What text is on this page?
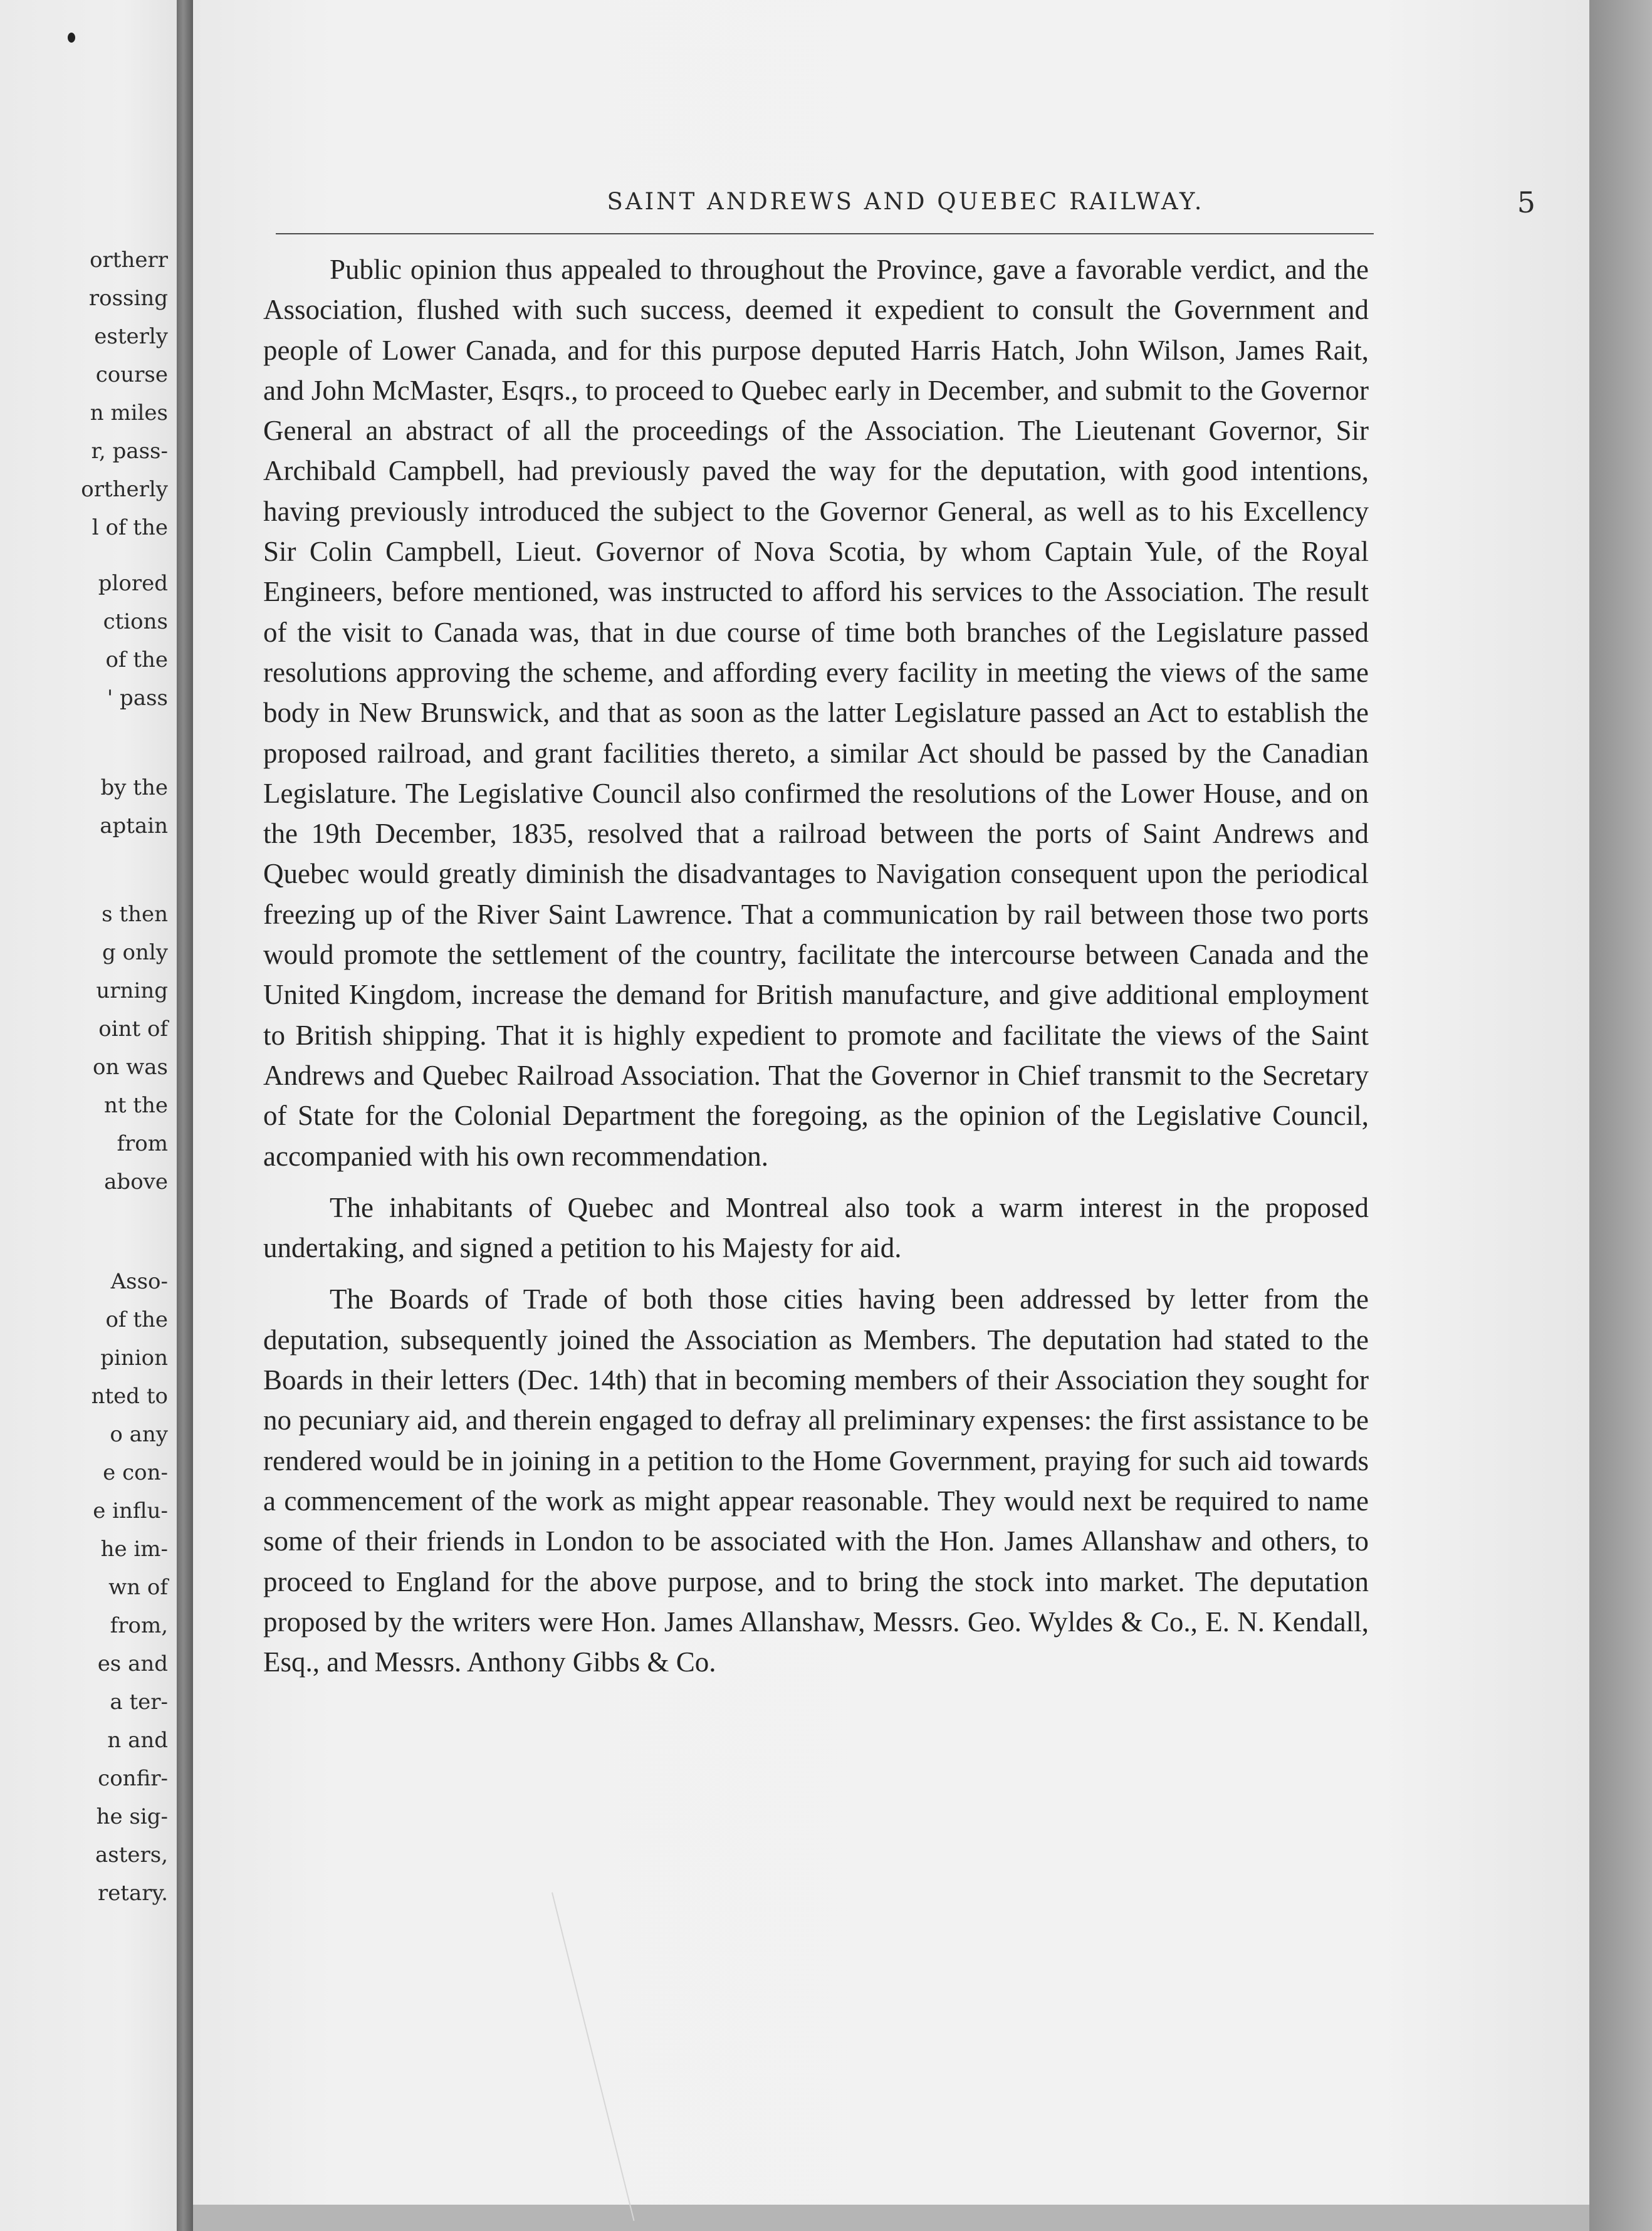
ortherr
rossing
esterly
course
n miles
r, pass-
ortherly
l of the
plored
ctions
of the
' pass
by the
aptain
s then
g only
urning
oint of
on was
nt the
from
above
Asso-
of the
pinion
nted to
o any
e con-
e influ-
he im-
wn of
from,
es and
a ter-
n and
confir-
he sig-
asters,
retary.
SAINT ANDREWS AND QUEBEC RAILWAY.	5

Public opinion thus appealed to throughout the Province, gave a favorable verdict, and the Association, flushed with such success, deemed it expedient to consult the Government and people of Lower Canada, and for this purpose deputed Harris Hatch, John Wilson, James Rait, and John McMaster, Esqrs., to proceed to Quebec early in December, and submit to the Governor General an abstract of all the proceedings of the Association. The Lieutenant Governor, Sir Archibald Campbell, had previously paved the way for the deputation, with good intentions, having previously introduced the subject to the Governor General, as well as to his Excellency Sir Colin Campbell, Lieut. Governor of Nova Scotia, by whom Captain Yule, of the Royal Engineers, before mentioned, was instructed to afford his services to the Association. The result of the visit to Canada was, that in due course of time both branches of the Legislature passed resolutions approving the scheme, and affording every facility in meeting the views of the same body in New Brunswick, and that as soon as the latter Legislature passed an Act to establish the proposed railroad, and grant facilities thereto, a similar Act should be passed by the Canadian Legislature. The Legislative Council also confirmed the resolutions of the Lower House, and on the 19th December, 1835, resolved that a railroad between the ports of Saint Andrews and Quebec would greatly diminish the disadvantages to Navigation consequent upon the periodical freezing up of the River Saint Lawrence. That a communication by rail between those two ports would promote the settlement of the country, facilitate the intercourse between Canada and the United Kingdom, increase the demand for British manufacture, and give additional employment to British shipping. That it is highly expedient to promote and facilitate the views of the Saint Andrews and Quebec Railroad Association. That the Governor in Chief transmit to the Secretary of State for the Colonial Department the foregoing, as the opinion of the Legislative Council, accompanied with his own recommendation.

The inhabitants of Quebec and Montreal also took a warm interest in the proposed undertaking, and signed a petition to his Majesty for aid.

The Boards of Trade of both those cities having been addressed by letter from the deputation, subsequently joined the Association as Members. The deputation had stated to the Boards in their letters (Dec. 14th) that in becoming members of their Association they sought for no pecuniary aid, and therein engaged to defray all preliminary expenses: the first assistance to be rendered would be in joining in a petition to the Home Government, praying for such aid towards a commencement of the work as might appear reasonable. They would next be required to name some of their friends in London to be associated with the Hon. James Allanshaw and others, to proceed to England for the above purpose, and to bring the stock into market. The deputation proposed by the writers were Hon. James Allanshaw, Messrs. Geo. Wyldes & Co., E. N. Kendall, Esq., and Messrs. Anthony Gibbs & Co.
